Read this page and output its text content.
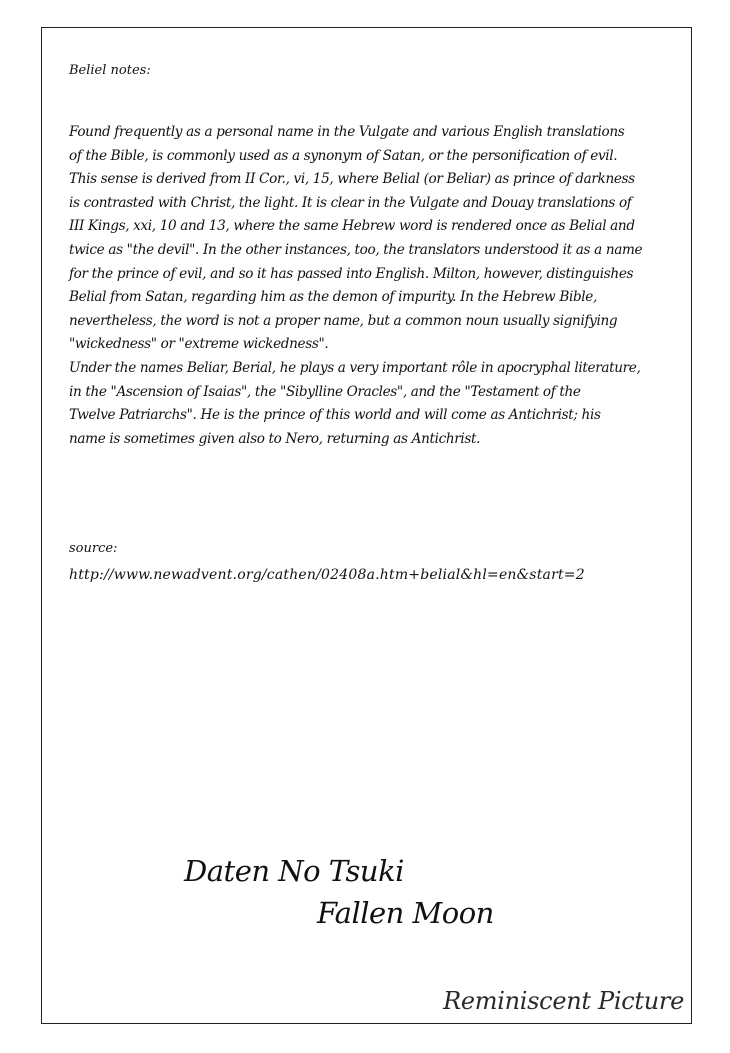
Beliel notes:
Found frequently as a personal name in the Vulgate and various English translations
of the Bible, is commonly used as a synonym of Satan, or the personification of evil.
This sense is derived from II Cor., vi, 15, where Belial (or Beliar) as prince of darkness
is contrasted with Christ, the light. It is clear in the Vulgate and Douay translations of
III Kings, xxi, 10 and 13, where the same Hebrew word is rendered once as Belial and
twice as "the devil". In the other instances, too, the translators understood it as a name
for the prince of evil, and so it has passed into English. Milton, however, distinguishes
Belial from Satan, regarding him as the demon of impurity. In the Hebrew Bible,
nevertheless, the word is not a proper name, but a common noun usually signifying
"wickedness" or "extreme wickedness".
Under the names Beliar, Berial, he plays a very important rôle in apocryphal literature,
in the "Ascension of Isaias", the "Sibylline Oracles", and the "Testament of the
Twelve Patriarchs". He is the prince of this world and will come as Antichrist; his
name is sometimes given also to Nero, returning as Antichrist.
source:
http://www.newadvent.org/cathen/02408a.htm+belial&hl=en&start=2
Daten No Tsuki
Fallen Moon
Reminiscent Picture
